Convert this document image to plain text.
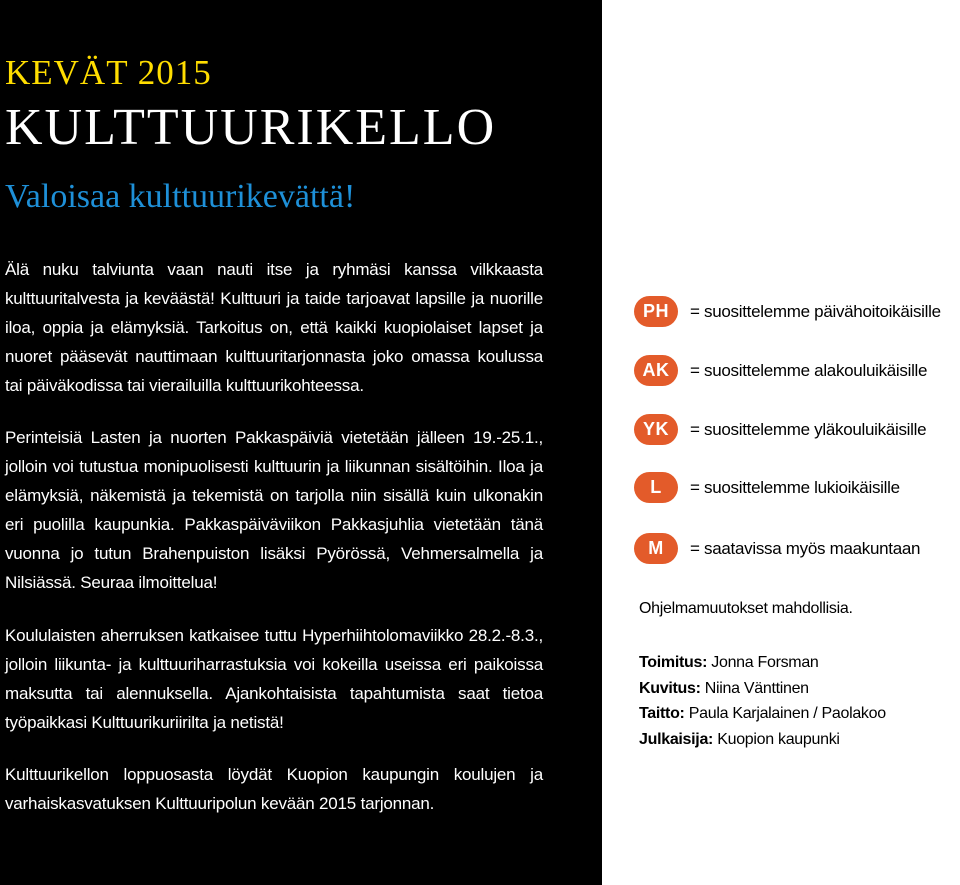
KEVÄT 2015
KULTTUURIKELLO
Valoisaa kulttuurikevättä!

Älä nuku talviunta vaan nauti itse ja ryhmäsi kanssa vilkkaasta kulttuuritalvesta ja keväästä! Kulttuuri ja taide tarjoavat lapsille ja nuorille iloa, oppia ja elämyksiä. Tarkoitus on, että kaikki kuopiolaiset lapset ja nuoret pääsevät nauttimaan kulttuuritarjonnasta joko omassa koulussa tai päiväkodissa tai vierailuilla kulttuurikohteessa.

Perinteisiä Lasten ja nuorten Pakkaspäiviä vietetään jälleen 19.-25.1., jolloin voi tutustua monipuolisesti kulttuurin ja liikunnan sisältöihin. Iloa ja elämyksiä, näkemistä ja tekemistä on tarjolla niin sisällä kuin ulkonakin eri puolilla kaupunkia. Pakkaspäiväviikon Pakkasjuhlia vietetään tänä vuonna jo tutun Brahenpuiston lisäksi Pyörössä, Vehmersalmella ja Nilsiässä. Seuraa ilmoittelua!

Koululaisten aherruksen katkaisee tuttu Hyperhiihtolomaviikko 28.2.-8.3., jolloin liikunta- ja kulttuuriharrastuksia voi kokeilla useissa eri paikoissa maksutta tai alennuksella. Ajankohtaisista tapahtumista saat tietoa työpaikkasi Kulttuurikuriirilta ja netistä!

Kulttuurikellon loppuosasta löydät Kuopion kaupungin koulujen ja varhaiskasvatuksen Kulttuuripolun kevään 2015 tarjonnan.

PH	= suosittelemme päivähoitoikäisille
AK	= suosittelemme alakouluikäisille
YK	= suosittelemme yläkouluikäisille
L	= suosittelemme lukioikäisille
M	= saatavissa myös maakuntaan
Ohjelmamuutokset mahdollisia.
Toimitus: Jonna Forsman
Kuvitus: Niina Vänttinen
Taitto: Paula Karjalainen / Paolakoo
Julkaisija: Kuopion kaupunki
